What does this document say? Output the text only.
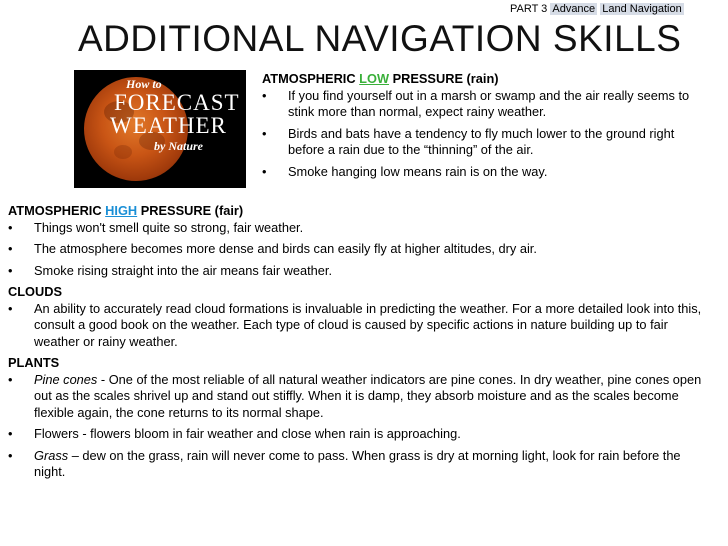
PART 3 Advance Land Navigation
ADDITIONAL NAVIGATION SKILLS
How to
FORECAST
WEATHER
by Nature
ATMOSPHERIC LOW PRESSURE (rain)
•	If you find yourself out in a marsh or swamp and the air really seems to stink more than normal, expect rainy weather.
•	Birds and bats have a tendency to fly much lower to the ground right before a rain due to the “thinning” of the air.
•	Smoke hanging low means rain is on the way.
ATMOSPHERIC HIGH PRESSURE (fair)
•	Things won't smell quite so strong, fair weather.
•	The atmosphere becomes more dense and birds can easily fly at higher altitudes, dry air.
•	Smoke rising straight into the air means fair weather.
CLOUDS
•	An ability to accurately read cloud formations is invaluable in predicting the weather. For a more detailed look into this, consult a good book on the weather. Each type of cloud is caused by specific actions in nature building up to fair weather or rainy weather.
PLANTS
•	Pine cones - One of the most reliable of all natural weather indicators are pine cones. In dry weather, pine cones open out as the scales shrivel up and stand out stiffly. When it is damp, they absorb moisture and as the scales become flexible again, the cone returns to its normal shape.
•	Flowers - flowers bloom in fair weather and close when rain is approaching.
•	Grass – dew on the grass, rain will never come to pass. When grass is dry at morning light, look for rain before the night.
